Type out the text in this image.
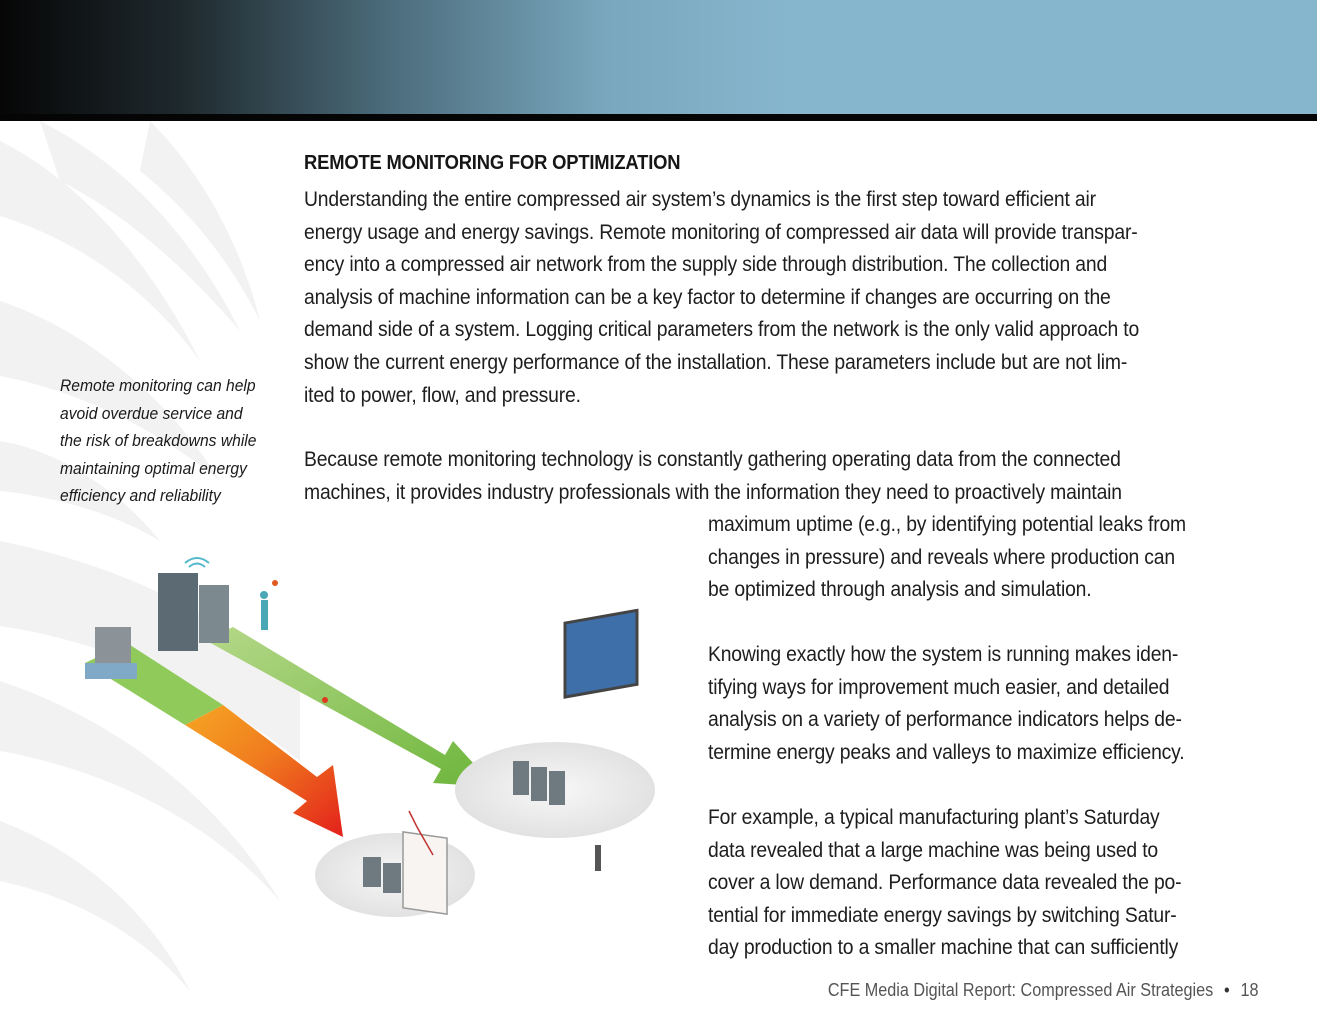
REMOTE MONITORING FOR OPTIMIZATION

Understanding the entire compressed air system’s dynamics is the first step toward efficient air
energy usage and energy savings. Remote monitoring of compressed air data will provide transpar-
ency into a compressed air network from the supply side through distribution. The collection and
analysis of machine information can be a key factor to determine if changes are occurring on the
demand side of a system. Logging critical parameters from the network is the only valid approach to
show the current energy performance of the installation. These parameters include but are not lim-
ited to power, flow, and pressure.

Because remote monitoring technology is constantly gathering operating data from the connected
machines, it provides industry professionals with the information they need to proactively maintain

maximum uptime (e.g., by identifying potential leaks from
changes in pressure) and reveals where production can
be optimized through analysis and simulation.

Knowing exactly how the system is running makes iden-
tifying ways for improvement much easier, and detailed
analysis on a variety of performance indicators helps de-
termine energy peaks and valleys to maximize efficiency.

For example, a typical manufacturing plant’s Saturday
data revealed that a large machine was being used to
cover a low demand. Performance data revealed the po-
tential for immediate energy savings by switching Satur-
day production to a smaller machine that can sufficiently

Remote monitoring can help
avoid overdue service and
the risk of breakdowns while
maintaining optimal energy
efficiency and reliability

CFE Media Digital Report: Compressed Air Strategies • 18
